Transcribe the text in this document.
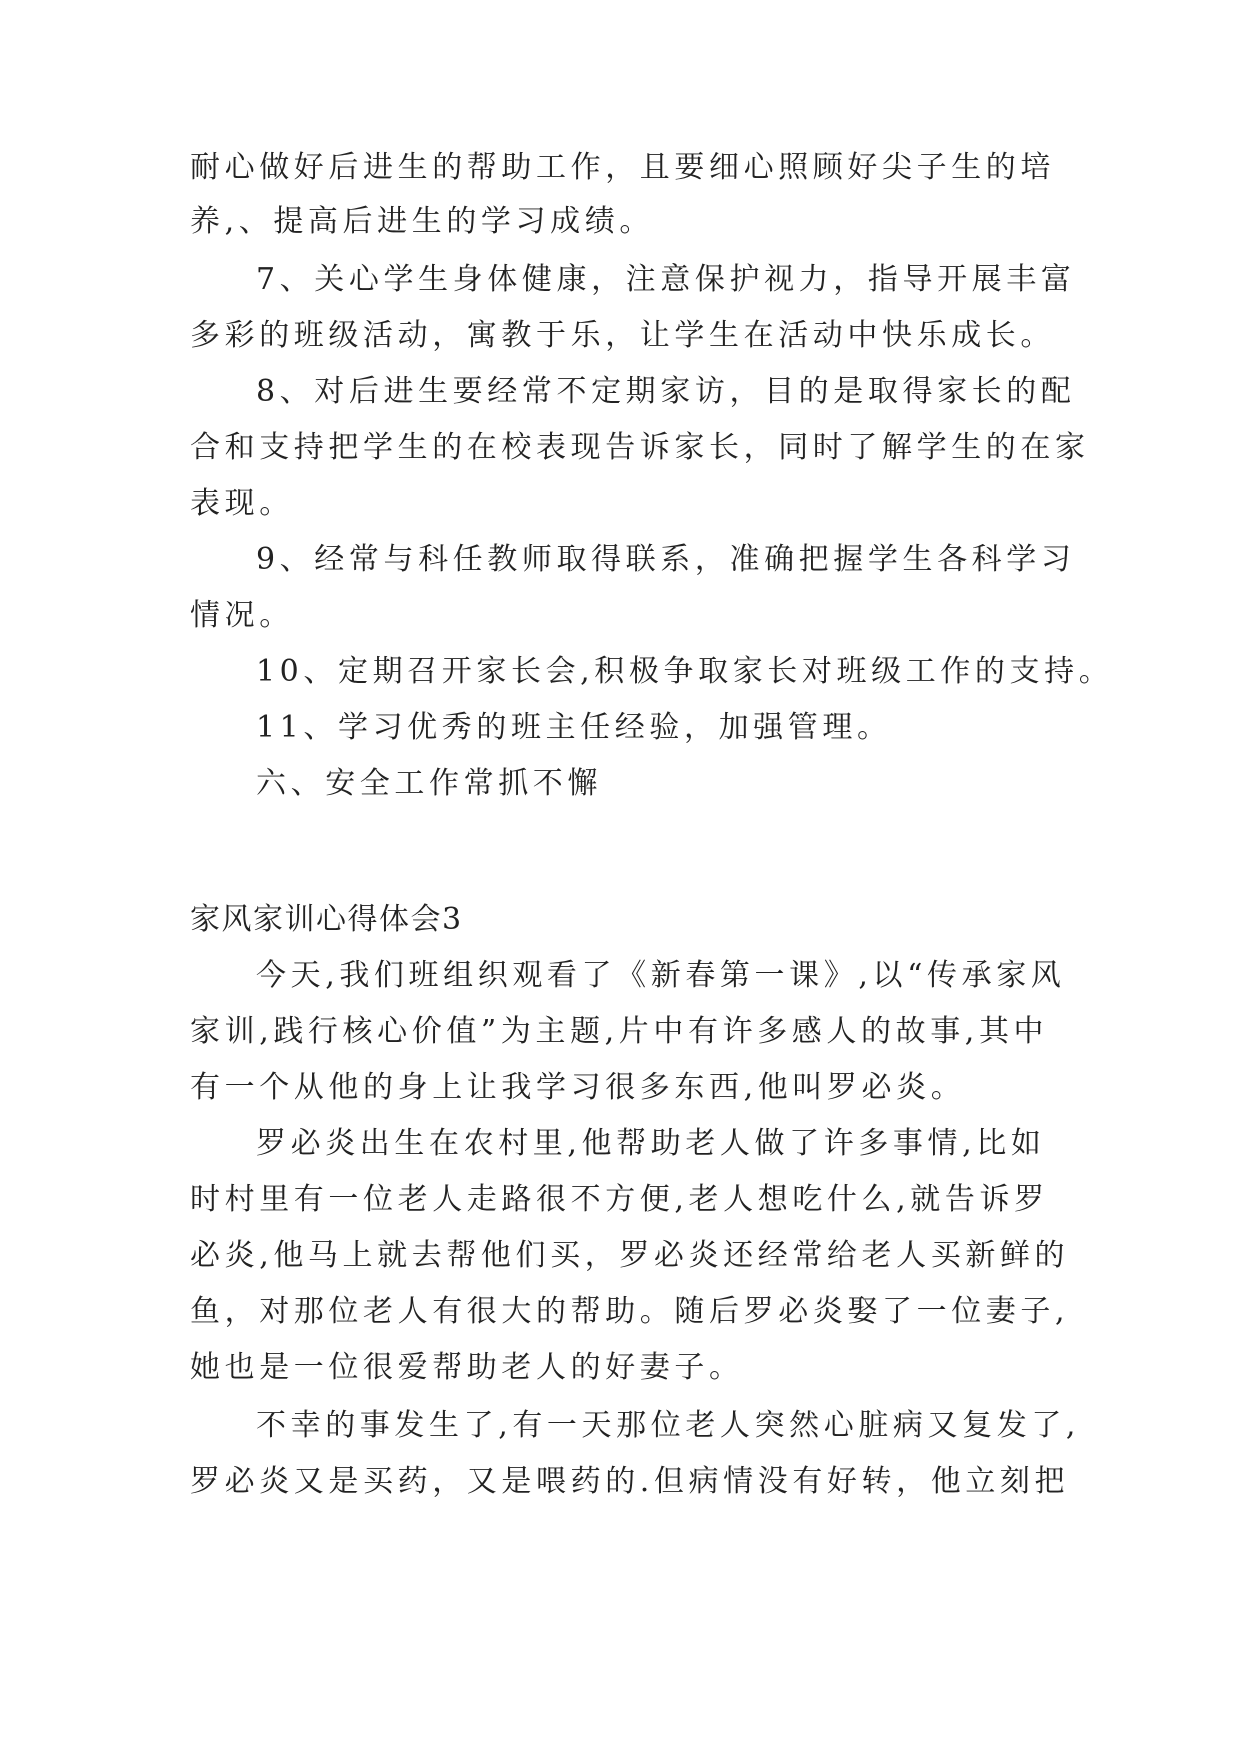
耐心做好后进生的帮助工作，且要细心照顾好尖子生的培
养,、提高后进生的学习成绩。
7、关心学生身体健康，注意保护视力，指导开展丰富
多彩的班级活动，寓教于乐，让学生在活动中快乐成长。
8、对后进生要经常不定期家访，目的是取得家长的配
合和支持把学生的在校表现告诉家长，同时了解学生的在家
表现。
9、经常与科任教师取得联系，准确把握学生各科学习
情况。
10、定期召开家长会,积极争取家长对班级工作的支持。
11、学习优秀的班主任经验，加强管理。
六、安全工作常抓不懈
家风家训心得体会3
今天,我们班组织观看了《新春第一课》,以“传承家风
家训,践行核心价值”为主题,片中有许多感人的故事,其中
有一个从他的身上让我学习很多东西,他叫罗必炎。
罗必炎出生在农村里,他帮助老人做了许多事情,比如
时村里有一位老人走路很不方便,老人想吃什么,就告诉罗
必炎,他马上就去帮他们买，罗必炎还经常给老人买新鲜的
鱼，对那位老人有很大的帮助。随后罗必炎娶了一位妻子,
她也是一位很爱帮助老人的好妻子。
不幸的事发生了,有一天那位老人突然心脏病又复发了,
罗必炎又是买药，又是喂药的.但病情没有好转，他立刻把
